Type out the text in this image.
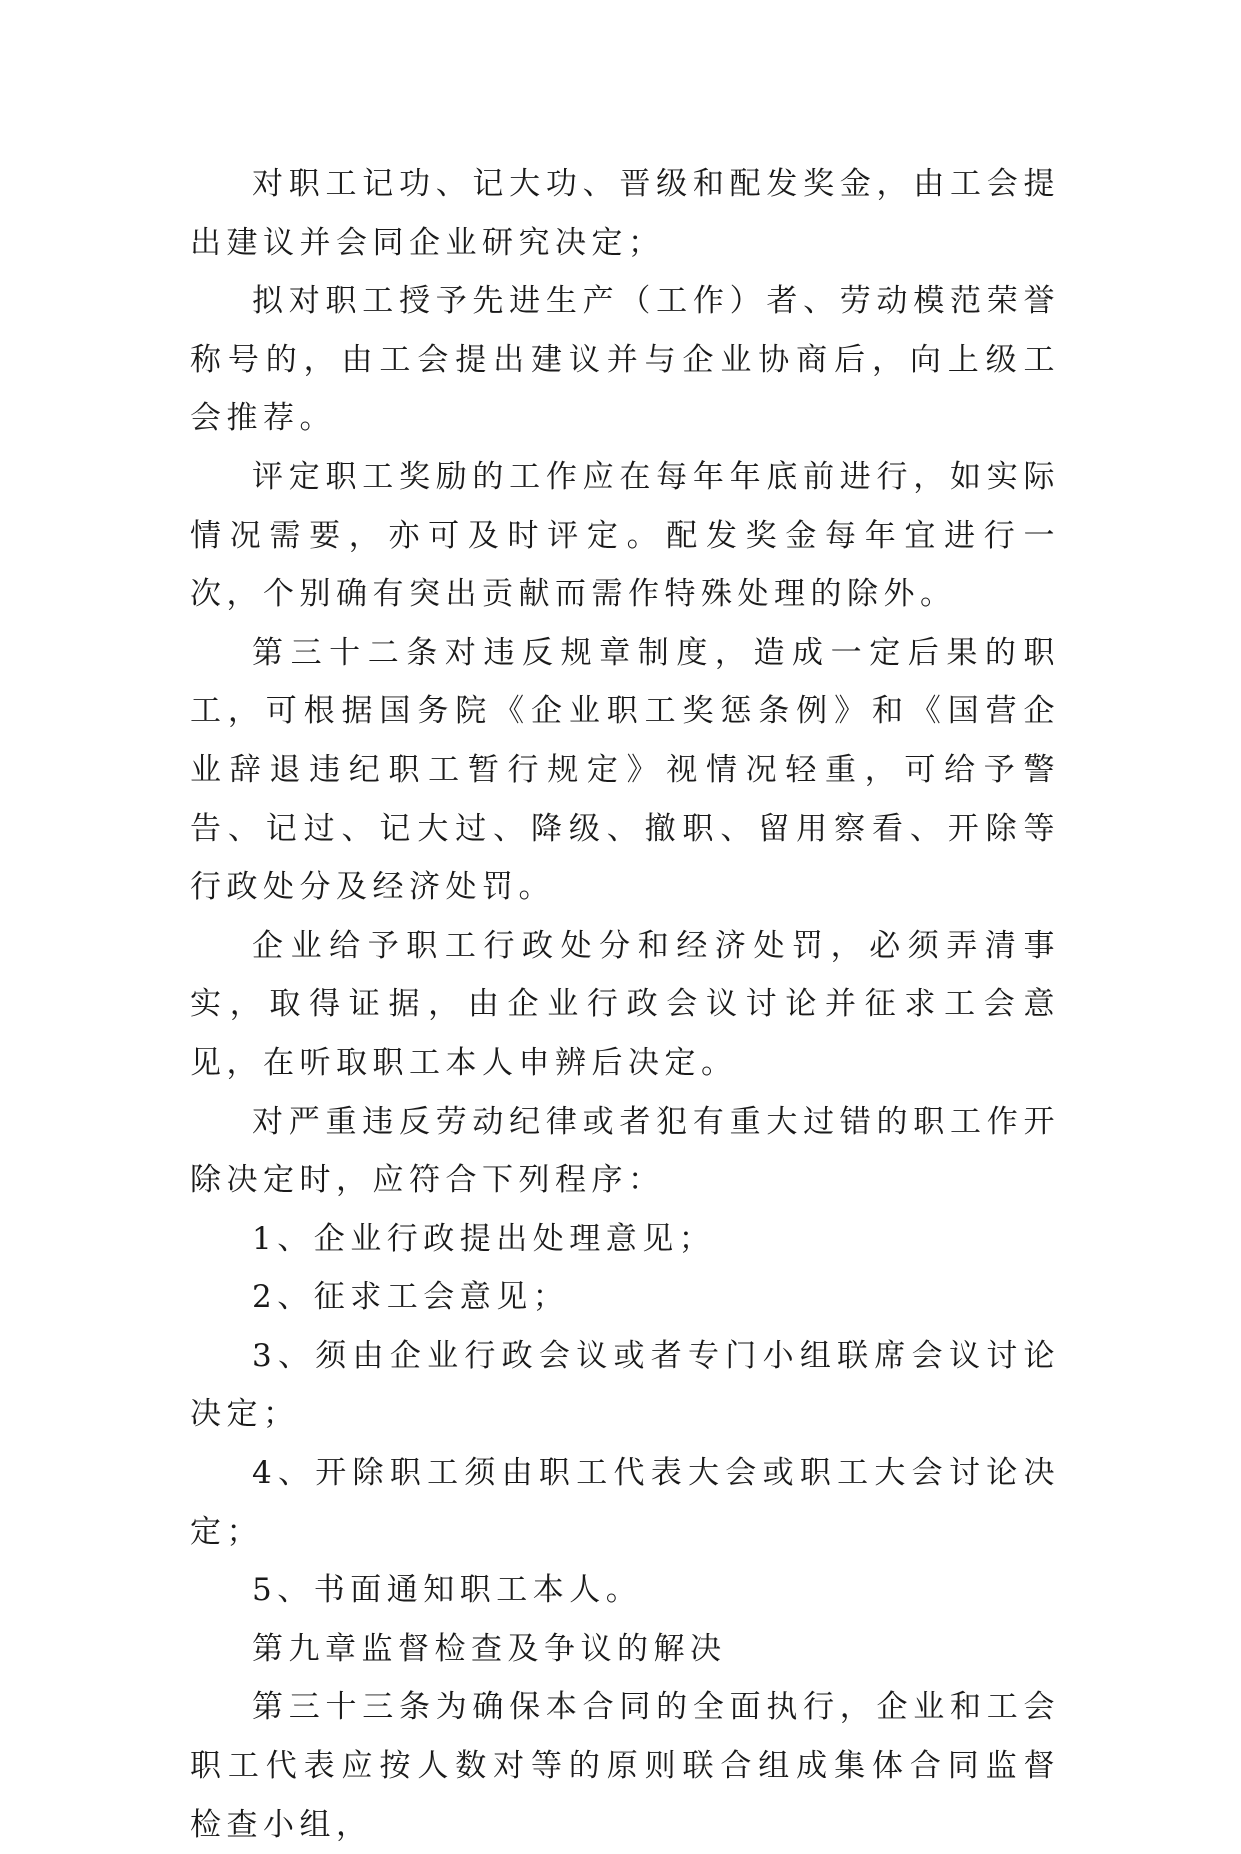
对职工记功、记大功、晋级和配发奖金，由工会提出建议并会同企业研究决定；

拟对职工授予先进生产（工作）者、劳动模范荣誉称号的，由工会提出建议并与企业协商后，向上级工会推荐。

评定职工奖励的工作应在每年年底前进行，如实际情况需要，亦可及时评定。配发奖金每年宜进行一次，个别确有突出贡献而需作特殊处理的除外。

第三十二条对违反规章制度，造成一定后果的职工，可根据国务院《企业职工奖惩条例》和《国营企业辞退违纪职工暂行规定》视情况轻重，可给予警告、记过、记大过、降级、撤职、留用察看、开除等行政处分及经济处罚。

企业给予职工行政处分和经济处罚，必须弄清事实，取得证据，由企业行政会议讨论并征求工会意见，在听取职工本人申辨后决定。

对严重违反劳动纪律或者犯有重大过错的职工作开除决定时，应符合下列程序：

1、企业行政提出处理意见；

2、征求工会意见；

3、须由企业行政会议或者专门小组联席会议讨论决定；

4、开除职工须由职工代表大会或职工大会讨论决定；

5、书面通知职工本人。

第九章监督检查及争议的解决

第三十三条为确保本合同的全面执行，企业和工会职工代表应按人数对等的原则联合组成集体合同监督检查小组，
